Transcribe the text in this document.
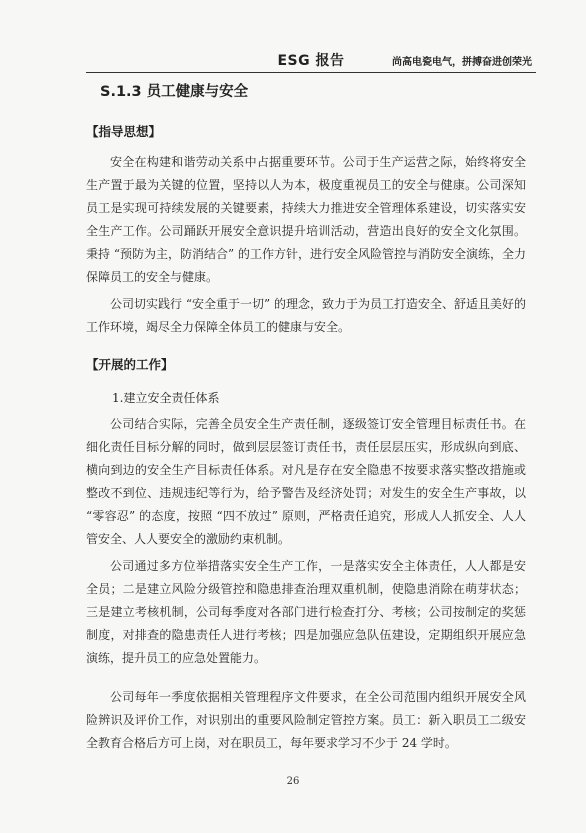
ESG 报告	尚高电瓷电气，拼搏奋进创荣光
S.1.3 员工健康与安全
【指导思想】

安全在构建和谐劳动关系中占据重要环节。公司于生产运营之际，始终将安全生产置于最为关键的位置，坚持以人为本，极度重视员工的安全与健康。公司深知员工是实现可持续发展的关键要素，持续大力推进安全管理体系建设，切实落实安全生产工作。公司踊跃开展安全意识提升培训活动，营造出良好的安全文化氛围。秉持 “预防为主，防消结合” 的工作方针，进行安全风险管控与消防安全演练，全力保障员工的安全与健康。

公司切实践行 “安全重于一切” 的理念，致力于为员工打造安全、舒适且美好的工作环境，竭尽全力保障全体员工的健康与安全。

【开展的工作】
1.建立安全责任体系

公司结合实际，完善全员安全生产责任制，逐级签订安全管理目标责任书。在细化责任目标分解的同时，做到层层签订责任书，责任层层压实，形成纵向到底、横向到边的安全生产目标责任体系。对凡是存在安全隐患不按要求落实整改措施或整改不到位、违规违纪等行为，给予警告及经济处罚；对发生的安全生产事故，以 “零容忍” 的态度，按照 “四不放过” 原则，严格责任追究，形成人人抓安全、人人管安全、人人要安全的激励约束机制。

公司通过多方位举措落实安全生产工作，一是落实安全主体责任，人人都是安全员；二是建立风险分级管控和隐患排查治理双重机制，使隐患消除在萌芽状态；三是建立考核机制，公司每季度对各部门进行检查打分、考核；公司按制定的奖惩制度，对排查的隐患责任人进行考核；四是加强应急队伍建设，定期组织开展应急演练，提升员工的应急处置能力。

公司每年一季度依据相关管理程序文件要求，在全公司范围内组织开展安全风险辨识及评价工作，对识别出的重要风险制定管控方案。员工：新入职员工二级安全教育合格后方可上岗，对在职员工，每年要求学习不少于 24 学时。

26
